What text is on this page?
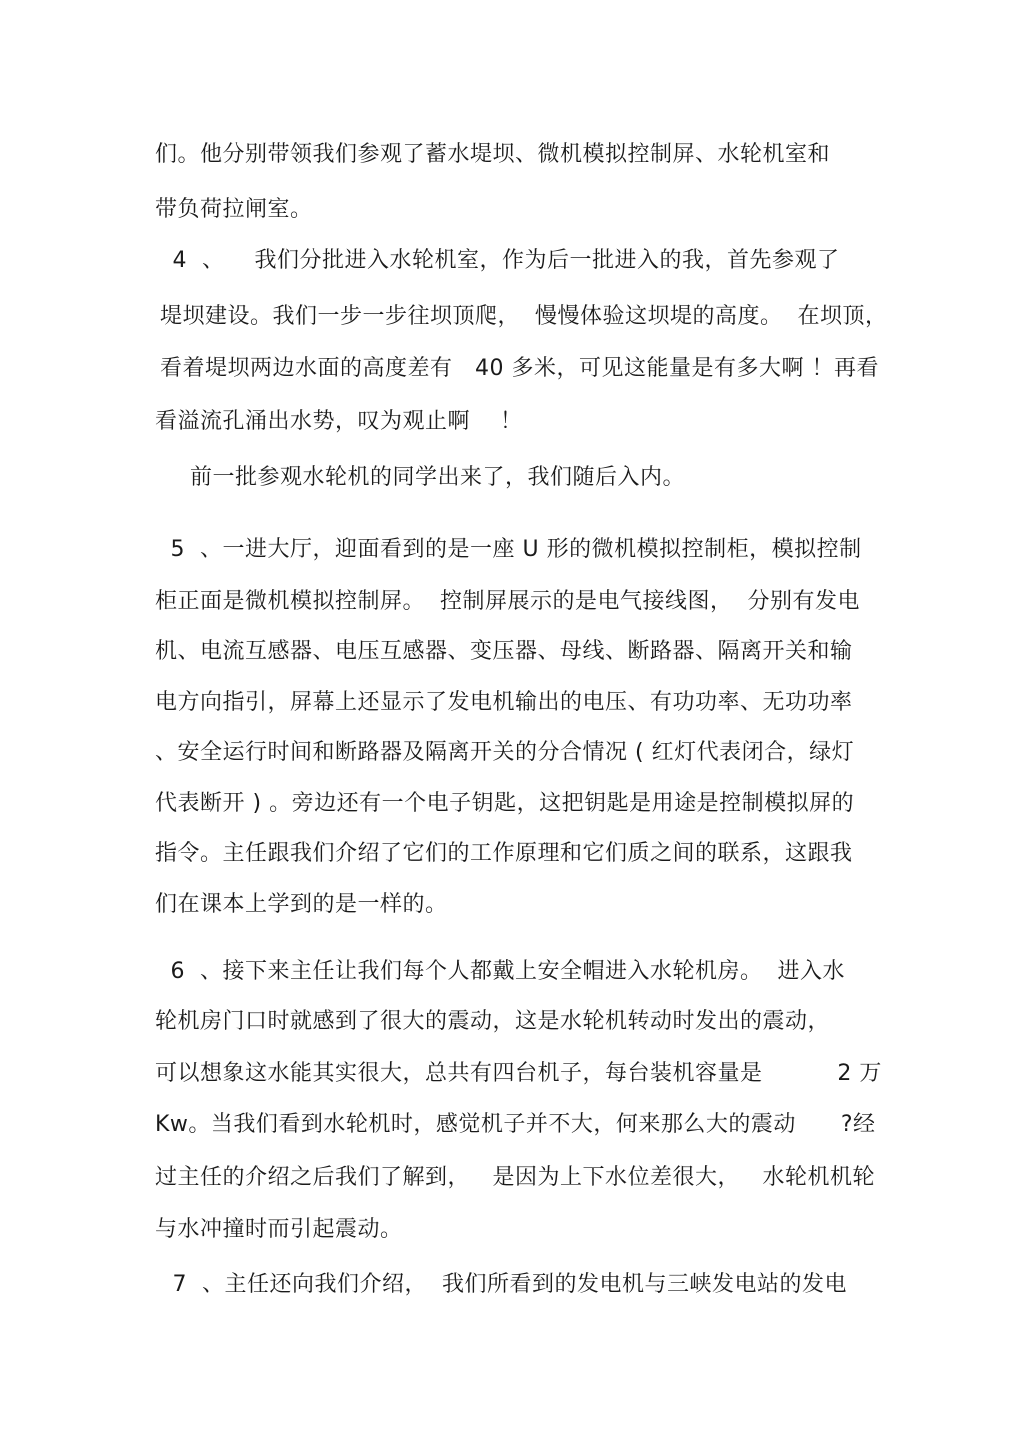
们。他分别带领我们参观了蓄水堤坝、微机模拟控制屏、水轮机室和
带负荷拉闸室。
4  、    我们分批进入水轮机室，作为后一批进入的我，首先参观了
堤坝建设。我们一步一步往坝顶爬，  慢慢体验这坝堤的高度。  在坝顶，
看着堤坝两边水面的高度差有   40 多米，可见这能量是有多大啊 ！再看
看溢流孔涌出水势，叹为观止啊    ！
前一批参观水轮机的同学出来了，我们随后入内。
5  、一进大厅，迎面看到的是一座 U 形的微机模拟控制柜，模拟控制
柜正面是微机模拟控制屏。  控制屏展示的是电气接线图，  分别有发电
机、电流互感器、电压互感器、变压器、母线、断路器、隔离开关和输
电方向指引，屏幕上还显示了发电机输出的电压、有功功率、无功功率
、安全运行时间和断路器及隔离开关的分合情况 ( 红灯代表闭合，绿灯
代表断开 ) 。旁边还有一个电子钥匙，这把钥匙是用途是控制模拟屏的
指令。主任跟我们介绍了它们的工作原理和它们质之间的联系，这跟我
们在课本上学到的是一样的。
6  、接下来主任让我们每个人都戴上安全帽进入水轮机房。  进入水
轮机房门口时就感到了很大的震动，这是水轮机转动时发出的震动，
可以想象这水能其实很大，总共有四台机子，每台装机容量是          2 万
Kw。当我们看到水轮机时，感觉机子并不大，何来那么大的震动      ?经
过主任的介绍之后我们了解到，   是因为上下水位差很大，   水轮机机轮
与水冲撞时而引起震动。
7  、主任还向我们介绍，  我们所看到的发电机与三峡发电站的发电
